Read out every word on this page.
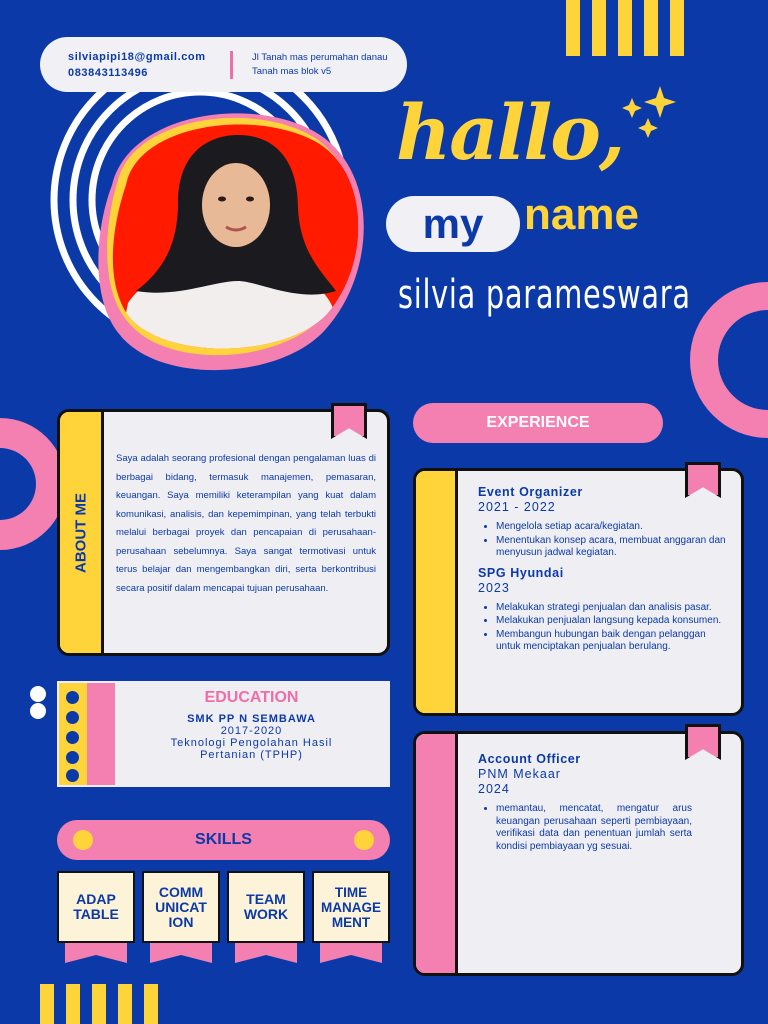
silviapipi18@gmail.com
083843113496
Jl Tanah mas perumahan danau Tanah mas blok v5
hallo,
my name
silvia parameswara
ABOUT ME
Saya adalah seorang profesional dengan pengalaman luas di berbagai bidang, termasuk manajemen, pemasaran, keuangan. Saya memiliki keterampilan yang kuat dalam komunikasi, analisis, dan kepemimpinan, yang telah terbukti melalui berbagai proyek dan pencapaian di perusahaan-perusahaan sebelumnya. Saya sangat termotivasi untuk terus belajar dan mengembangkan diri, serta berkontribusi secara positif dalam mencapai tujuan perusahaan.
EXPERIENCE
Event Organizer
2021 - 2022
• Mengelola setiap acara/kegiatan.
• Menentukan konsep acara, membuat anggaran dan menyusun jadwal kegiatan.
SPG Hyundai
2023
• Melakukan strategi penjualan dan analisis pasar.
• Melakukan penjualan langsung kepada konsumen.
• Membangun hubungan baik dengan pelanggan untuk menciptakan penjualan berulang.
Account Officer
PNM Mekaar
2024
• memantau, mencatat, mengatur arus keuangan perusahaan seperti pembiayaan, verifikasi data dan penentuan jumlah serta kondisi pembiayaan yg sesuai.
EDUCATION
SMK PP N SEMBAWA
2017-2020
Teknologi Pengolahan Hasil
Pertanian (TPHP)
SKILLS
ADAP TABLE
COMM UNICAT ION
TEAM WORK
TIME MANAGE MENT
